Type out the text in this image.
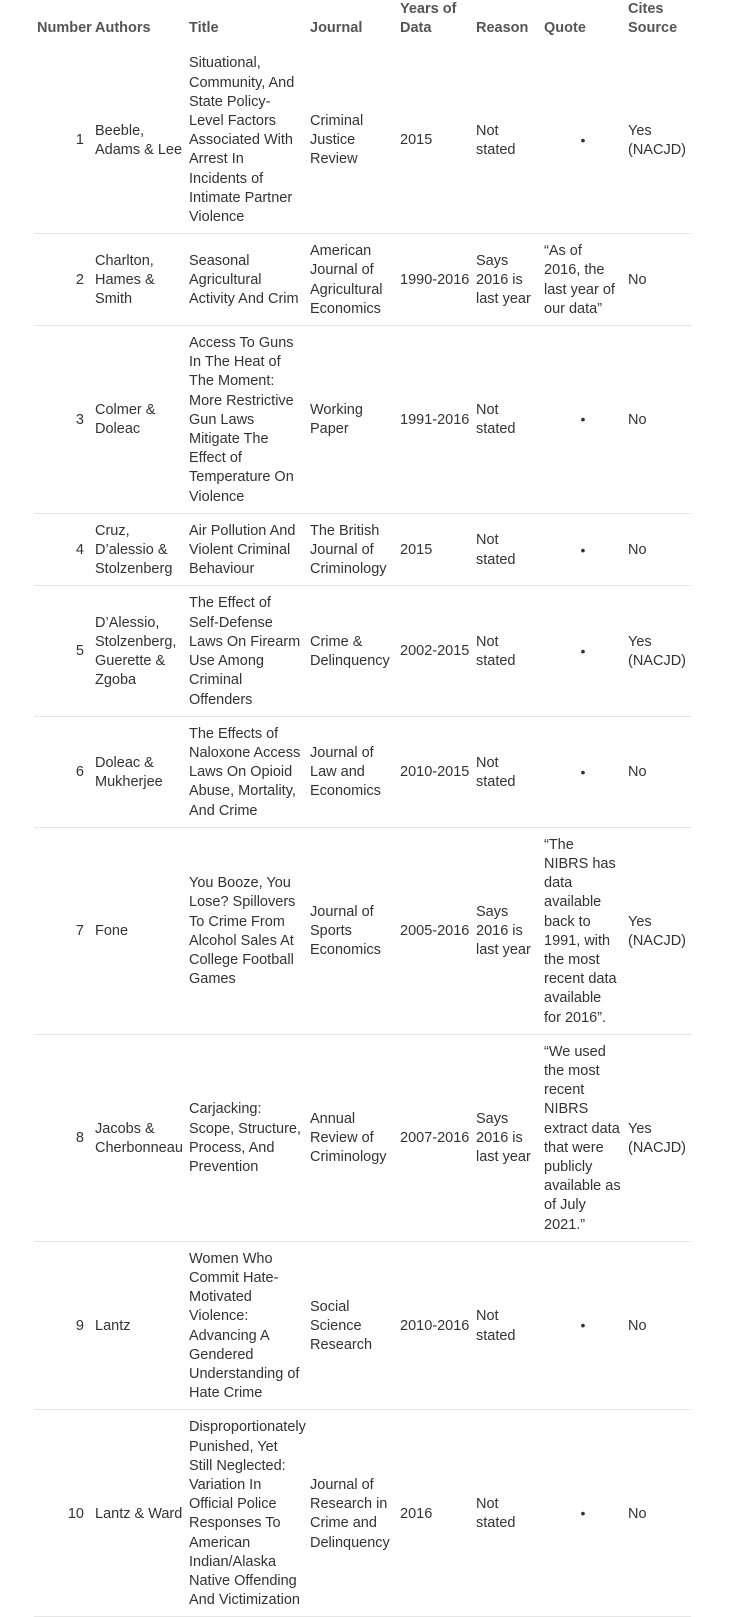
Number	Authors	Title	Journal	Years of Data	Reason	Quote	Cites Source
1	Beeble, Adams & Lee	Situational, Community, And State Policy-Level Factors Associated With Arrest In Incidents of Intimate Partner Violence	Criminal Justice Review	2015	Not stated	•	Yes (NACJD)
2	Charlton, Hames & Smith	Seasonal Agricultural Activity And Crim	American Journal of Agricultural Economics	1990-2016	Says 2016 is last year	“As of 2016, the last year of our data”	No
3	Colmer & Doleac	Access To Guns In The Heat of The Moment: More Restrictive Gun Laws Mitigate The Effect of Temperature On Violence	Working Paper	1991-2016	Not stated	•	No
4	Cruz, D’alessio & Stolzenberg	Air Pollution And Violent Criminal Behaviour	The British Journal of Criminology	2015	Not stated	•	No
5	D’Alessio, Stolzenberg, Guerette & Zgoba	The Effect of Self-Defense Laws On Firearm Use Among Criminal Offenders	Crime & Delinquency	2002-2015	Not stated	•	Yes (NACJD)
6	Doleac & Mukherjee	The Effects of Naloxone Access Laws On Opioid Abuse, Mortality, And Crime	Journal of Law and Economics	2010-2015	Not stated	•	No
7	Fone	You Booze, You Lose? Spillovers To Crime From Alcohol Sales At College Football Games	Journal of Sports Economics	2005-2016	Says 2016 is last year	“The NIBRS has data available back to 1991, with the most recent data available for 2016”.	Yes (NACJD)
8	Jacobs & Cherbonneau	Carjacking: Scope, Structure, Process, And Prevention	Annual Review of Criminology	2007-2016	Says 2016 is last year	“We used the most recent NIBRS extract data that were publicly available as of July 2021.”	Yes (NACJD)
9	Lantz	Women Who Commit Hate-Motivated Violence: Advancing A Gendered Understanding of Hate Crime	Social Science Research	2010-2016	Not stated	•	No
10	Lantz & Ward	Disproportionately Punished, Yet Still Neglected: Variation In Official Police Responses To American Indian/Alaska Native Offending And Victimization	Journal of Research in Crime and Delinquency	2016	Not stated	•	No
